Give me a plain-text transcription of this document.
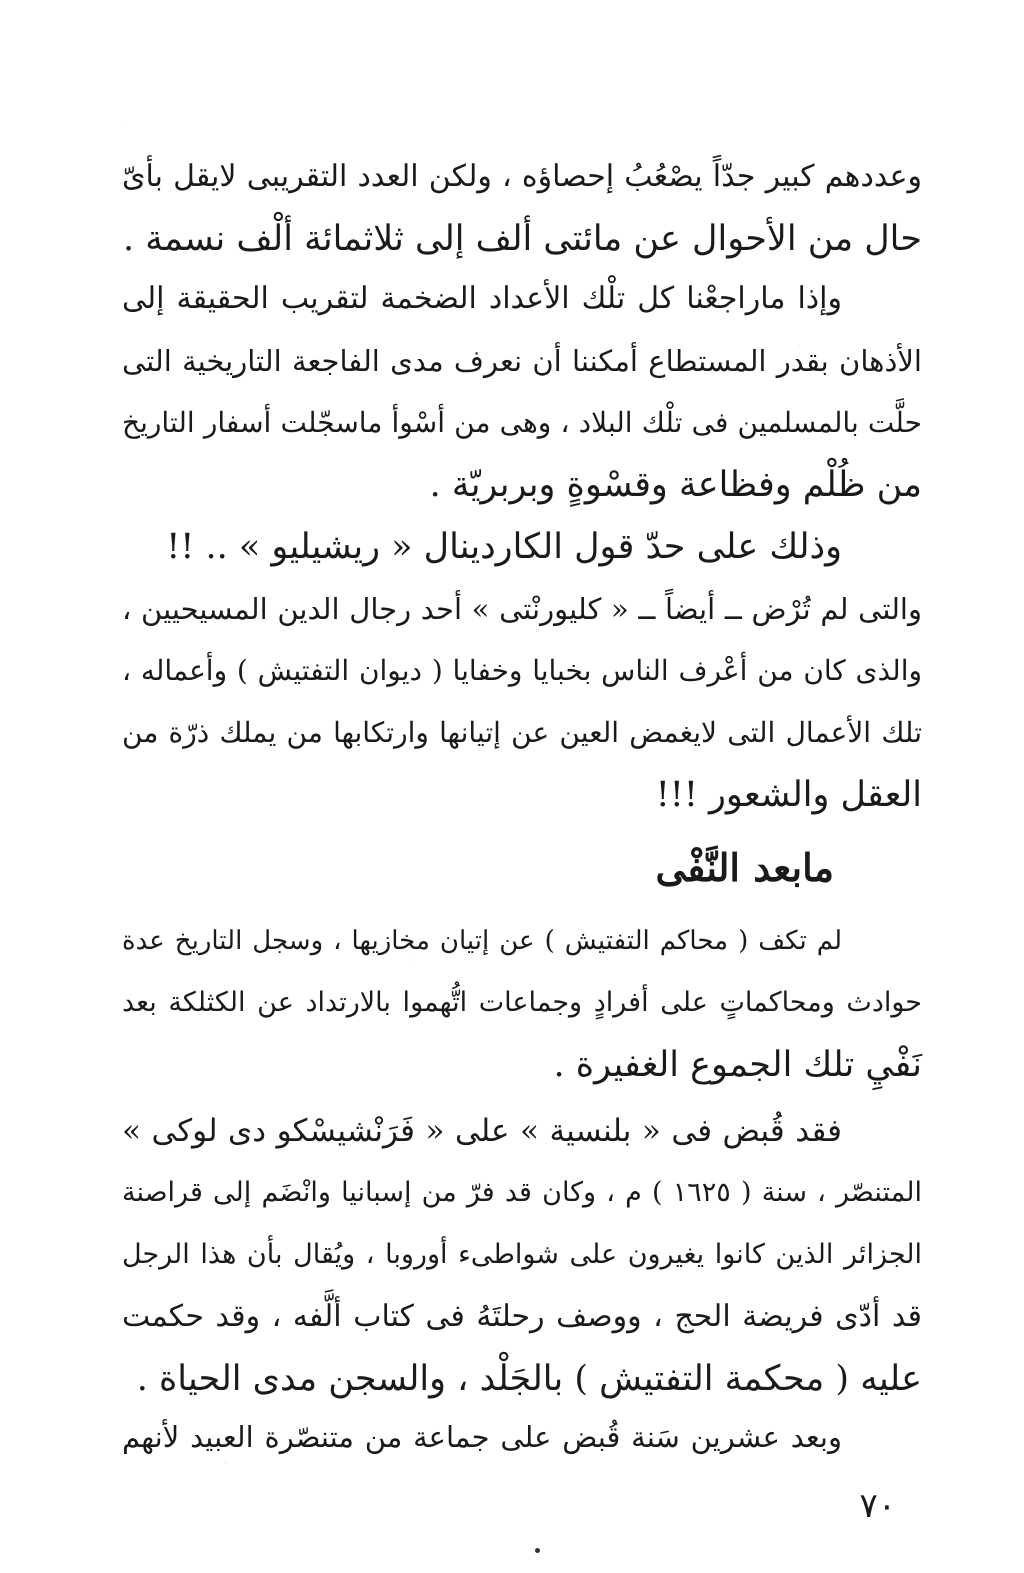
وعددهم كبير جدّاً يصْعُبُ إحصاؤه ، ولكن العدد التقريبى لايقل بأىّ
حال من الأحوال عن مائتى ألف إلى ثلاثمائة ألْف نسمة .
وإذا ماراجعْنا كل تلْك الأعداد الضخمة لتقريب الحقيقة إلى
الأذهان بقدر المستطاع أمكننا أن نعرف مدى الفاجعة التاريخية التى
حلَّت بالمسلمين فى تلْك البلاد ، وهى من أسْوأ ماسجّلت أسفار التاريخ
من ظُلْم وفظاعة وقسْوةٍ وبربريّة .
وذلك على حدّ قول الكاردينال « ريشيليو » .. !!
والتى لم تُرْض ــ أيضاً ــ « كليورنْتى » أحد رجال الدين المسيحيين ،
والذى كان من أعْرف الناس بخبايا وخفايا ( ديوان التفتيش ) وأعماله ،
تلك الأعمال التى لايغمض العين عن إتيانها وارتكابها من يملك ذرّة من
العقل والشعور !!!
مابعد النَّفْى
لم تكف ( محاكم التفتيش ) عن إتيان مخازيها ، وسجل التاريخ عدة
حوادث ومحاكماتٍ على أفرادٍ وجماعات اتُّهموا بالارتداد عن الكثلكة بعد
نَفْيِ تلك الجموع الغفيرة .
فقد قُبض فى « بلنسية » على « فَرَنْشيسْكو دى لوكى »
المتنصّر ، سنة ( ١٦٢٥ ) م ، وكان قد فرّ من إسبانيا وانْضَم إلى قراصنة
الجزائر الذين كانوا يغيرون على شواطىء أوروبا ، ويُقال بأن هذا الرجل
قد أدّى فريضة الحج ، ووصف رحلتَهُ فى كتاب ألَّفه ، وقد حكمت
عليه ( محكمة التفتيش ) بالجَلْد ، والسجن مدى الحياة .
وبعد عشرين سَنة قُبض على جماعة من متنصّرة العبيد لأنهم
٧٠
